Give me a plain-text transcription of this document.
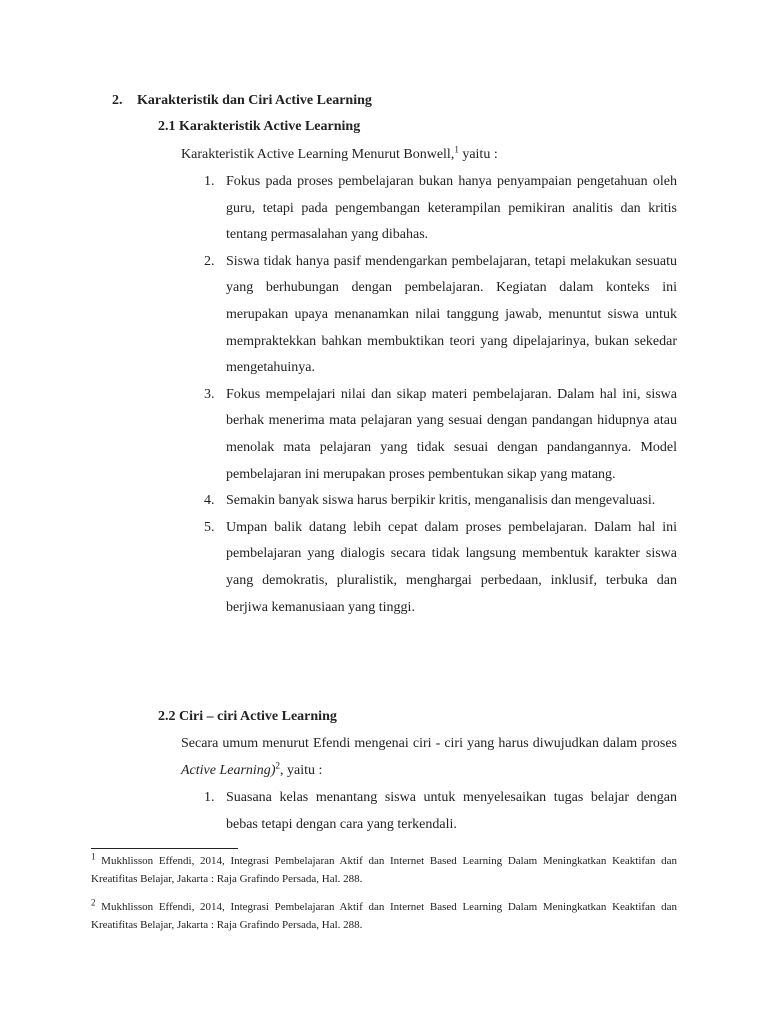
2. Karakteristik dan Ciri Active Learning
2.1 Karakteristik Active Learning
Karakteristik Active Learning Menurut Bonwell,$^1$ yaitu :
1. Fokus pada proses pembelajaran bukan hanya penyampaian pengetahuan oleh guru, tetapi pada pengembangan keterampilan pemikiran analitis dan kritis tentang permasalahan yang dibahas.
2. Siswa tidak hanya pasif mendengarkan pembelajaran, tetapi melakukan sesuatu yang berhubungan dengan pembelajaran. Kegiatan dalam konteks ini merupakan upaya menanamkan nilai tanggung jawab, menuntut siswa untuk mempraktekkan bahkan membuktikan teori yang dipelajarinya, bukan sekedar mengetahuinya.
3. Fokus mempelajari nilai dan sikap materi pembelajaran. Dalam hal ini, siswa berhak menerima mata pelajaran yang sesuai dengan pandangan hidupnya atau menolak mata pelajaran yang tidak sesuai dengan pandangannya. Model pembelajaran ini merupakan proses pembentukan sikap yang matang.
4. Semakin banyak siswa harus berpikir kritis, menganalisis dan mengevaluasi.
5. Umpan balik datang lebih cepat dalam proses pembelajaran. Dalam hal ini pembelajaran yang dialogis secara tidak langsung membentuk karakter siswa yang demokratis, pluralistik, menghargai perbedaan, inklusif, terbuka dan berjiwa kemanusiaan yang tinggi.
2.2 Ciri – ciri Active Learning
Secara umum menurut Efendi mengenai ciri - ciri yang harus diwujudkan dalam proses Active Learning)$^2$, yaitu :
1. Suasana kelas menantang siswa untuk menyelesaikan tugas belajar dengan bebas tetapi dengan cara yang terkendali.
$^1$ Mukhlisson Effendi, 2014, Integrasi Pembelajaran Aktif dan Internet Based Learning Dalam Meningkatkan Keaktifan dan Kreatifitas Belajar, Jakarta : Raja Grafindo Persada, Hal. 288.
$^2$ Mukhlisson Effendi, 2014, Integrasi Pembelajaran Aktif dan Internet Based Learning Dalam Meningkatkan Keaktifan dan Kreatifitas Belajar, Jakarta : Raja Grafindo Persada, Hal. 288.
